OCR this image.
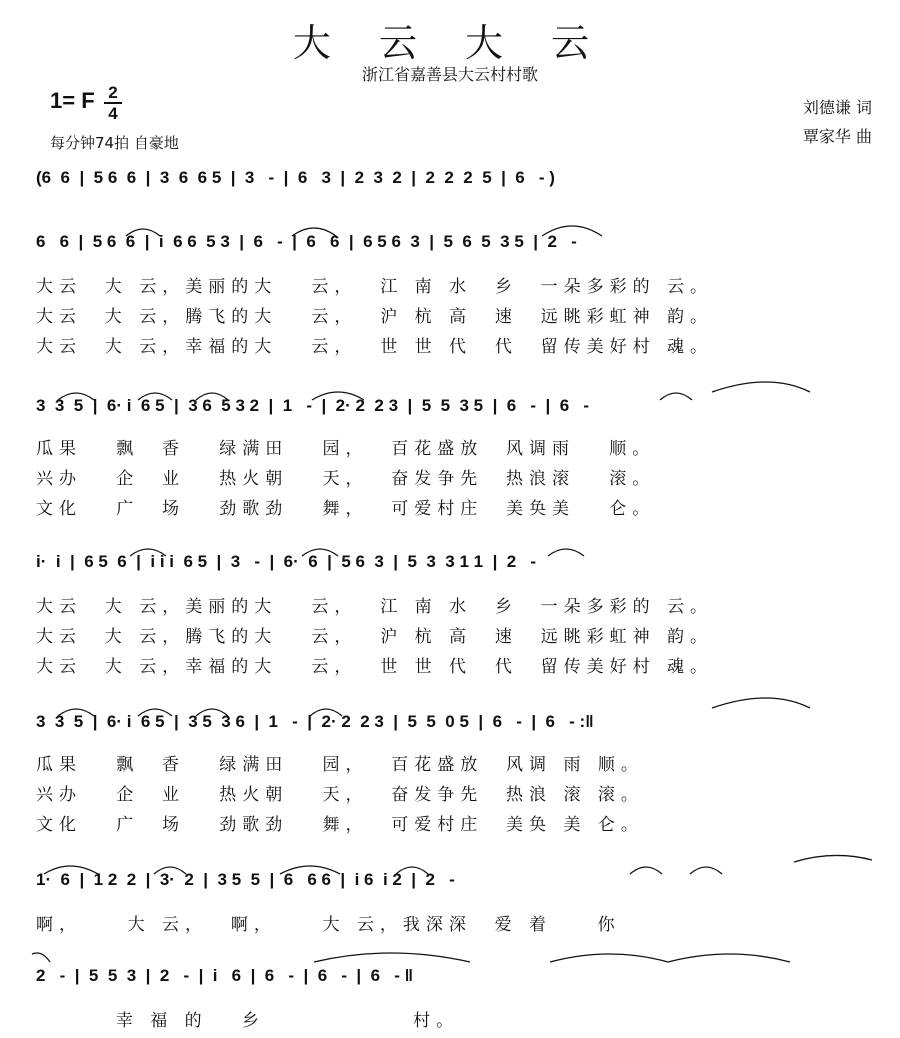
大 云 大 云
浙江省嘉善县大云村村歌
1= F 2
4
每分钟74拍 自豪地
刘德谦 词
覃家华 曲
(6  6  |  5 6  6  |  3  6  6 5  |  3   -  |  6   3  |  2  3  2  |  2  2  2  5  |  6   - )
6   6  |  5 6  6  |  i  6 6  5 3  |  6   -  |  6   6  |  6 5 6  3  |  5  6  5  3 5  |  2   -
大云  大 云，美丽的大   云，  江 南 水  乡  一朵多彩的 云。
大云  大 云，腾飞的大   云，  沪 杭 高  速  远眺彩虹神 韵。
大云  大 云，幸福的大   云，  世 世 代  代  留传美好村 魂。
3  3  5  |  6· i  6 5  |  3 6  5 3 2  |  1   -  |  2· 2  2 3  |  5  5  3 5  |  6   -  |  6   -
瓜果   飘  香   绿满田   园，  百花盛放  风调雨   顺。
兴办   企  业   热火朝   天，  奋发争先  热浪滚   滚。
文化   广  场   劲歌劲   舞，  可爱村庄  美奂美   仑。
i·  i  |  6 5  6  |  i i i  6 5  |  3   -  |  6·  6  |  5 6  3  |  5  3  3 1 1  |  2   -
大云  大 云，美丽的大   云，  江 南 水  乡  一朵多彩的 云。
大云  大 云，腾飞的大   云，  沪 杭 高  速  远眺彩虹神 韵。
大云  大 云，幸福的大   云，  世 世 代  代  留传美好村 魂。
3  3  5  |  6· i  6 5  |  3 5  3 6  |  1   -  |  2· 2  2 3  |  5  5  0 5  |  6   -  |  6   - :‖
瓜果   飘  香   绿满田   园，  百花盛放  风调 雨 顺。
兴办   企  业   热火朝   天，  奋发争先  热浪 滚 滚。
文化   广  场   劲歌劲   舞，  可爱村庄  美奂 美 仑。
1·  6  |  1 2  2  |  3·  2  |  3 5  5  |  6   6 6  |  i 6  i 2  |  2   -
啊，    大 云，  啊，    大 云，我深深  爱 着    你
2   -  |  5  5  3  |  2   -  |  i   6  |  6   -  |  6   -  |  6   - ‖
幸 福 的   乡             村。
